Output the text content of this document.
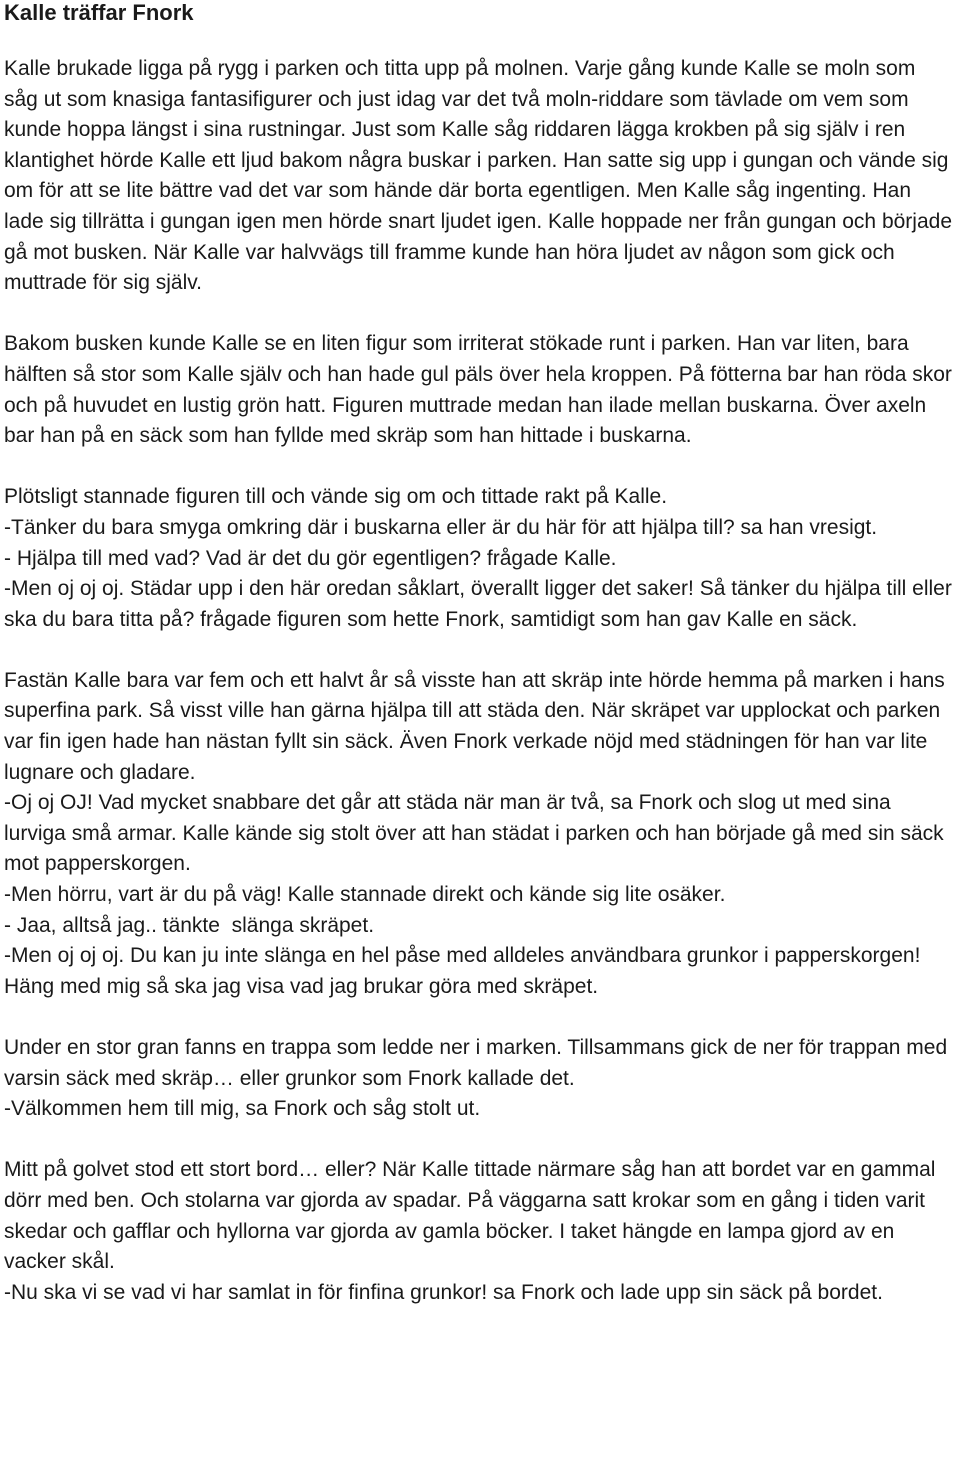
Kalle träffar Fnork

Kalle brukade ligga på rygg i parken och titta upp på molnen. Varje gång kunde Kalle se moln som såg ut som knasiga fantasifigurer och just idag var det två moln-riddare som tävlade om vem som kunde hoppa längst i sina rustningar. Just som Kalle såg riddaren lägga krokben på sig själv i ren klantighet hörde Kalle ett ljud bakom några buskar i parken. Han satte sig upp i gungan och vände sig om för att se lite bättre vad det var som hände där borta egentligen. Men Kalle såg ingenting. Han lade sig tillrätta i gungan igen men hörde snart ljudet igen. Kalle hoppade ner från gungan och började gå mot busken. När Kalle var halvvägs till framme kunde han höra ljudet av någon som gick och muttrade för sig själv.

Bakom busken kunde Kalle se en liten figur som irriterat stökade runt i parken. Han var liten, bara hälften så stor som Kalle själv och han hade gul päls över hela kroppen. På fötterna bar han röda skor och på huvudet en lustig grön hatt. Figuren muttrade medan han ilade mellan buskarna. Över axeln bar han på en säck som han fyllde med skräp som han hittade i buskarna.

Plötsligt stannade figuren till och vände sig om och tittade rakt på Kalle.
-Tänker du bara smyga omkring där i buskarna eller är du här för att hjälpa till? sa han vresigt.
- Hjälpa till med vad? Vad är det du gör egentligen? frågade Kalle.
-Men oj oj oj. Städar upp i den här oredan såklart, överallt ligger det saker! Så tänker du hjälpa till eller ska du bara titta på? frågade figuren som hette Fnork, samtidigt som han gav Kalle en säck.

Fastän Kalle bara var fem och ett halvt år så visste han att skräp inte hörde hemma på marken i hans superfina park. Så visst ville han gärna hjälpa till att städa den. När skräpet var upplockat och parken var fin igen hade han nästan fyllt sin säck. Även Fnork verkade nöjd med städningen för han var lite lugnare och gladare.
-Oj oj OJ! Vad mycket snabbare det går att städa när man är två, sa Fnork och slog ut med sina lurviga små armar. Kalle kände sig stolt över att han städat i parken och han började gå med sin säck mot papperskorgen.
-Men hörru, vart är du på väg! Kalle stannade direkt och kände sig lite osäker.
- Jaa, alltså jag.. tänkte  slänga skräpet.
-Men oj oj oj. Du kan ju inte slänga en hel påse med alldeles användbara grunkor i papperskorgen! Häng med mig så ska jag visa vad jag brukar göra med skräpet.

Under en stor gran fanns en trappa som ledde ner i marken. Tillsammans gick de ner för trappan med varsin säck med skräp… eller grunkor som Fnork kallade det.
-Välkommen hem till mig, sa Fnork och såg stolt ut.

Mitt på golvet stod ett stort bord… eller? När Kalle tittade närmare såg han att bordet var en gammal dörr med ben. Och stolarna var gjorda av spadar. På väggarna satt krokar som en gång i tiden varit skedar och gafflar och hyllorna var gjorda av gamla böcker. I taket hängde en lampa gjord av en vacker skål.
-Nu ska vi se vad vi har samlat in för finfina grunkor! sa Fnork och lade upp sin säck på bordet.
